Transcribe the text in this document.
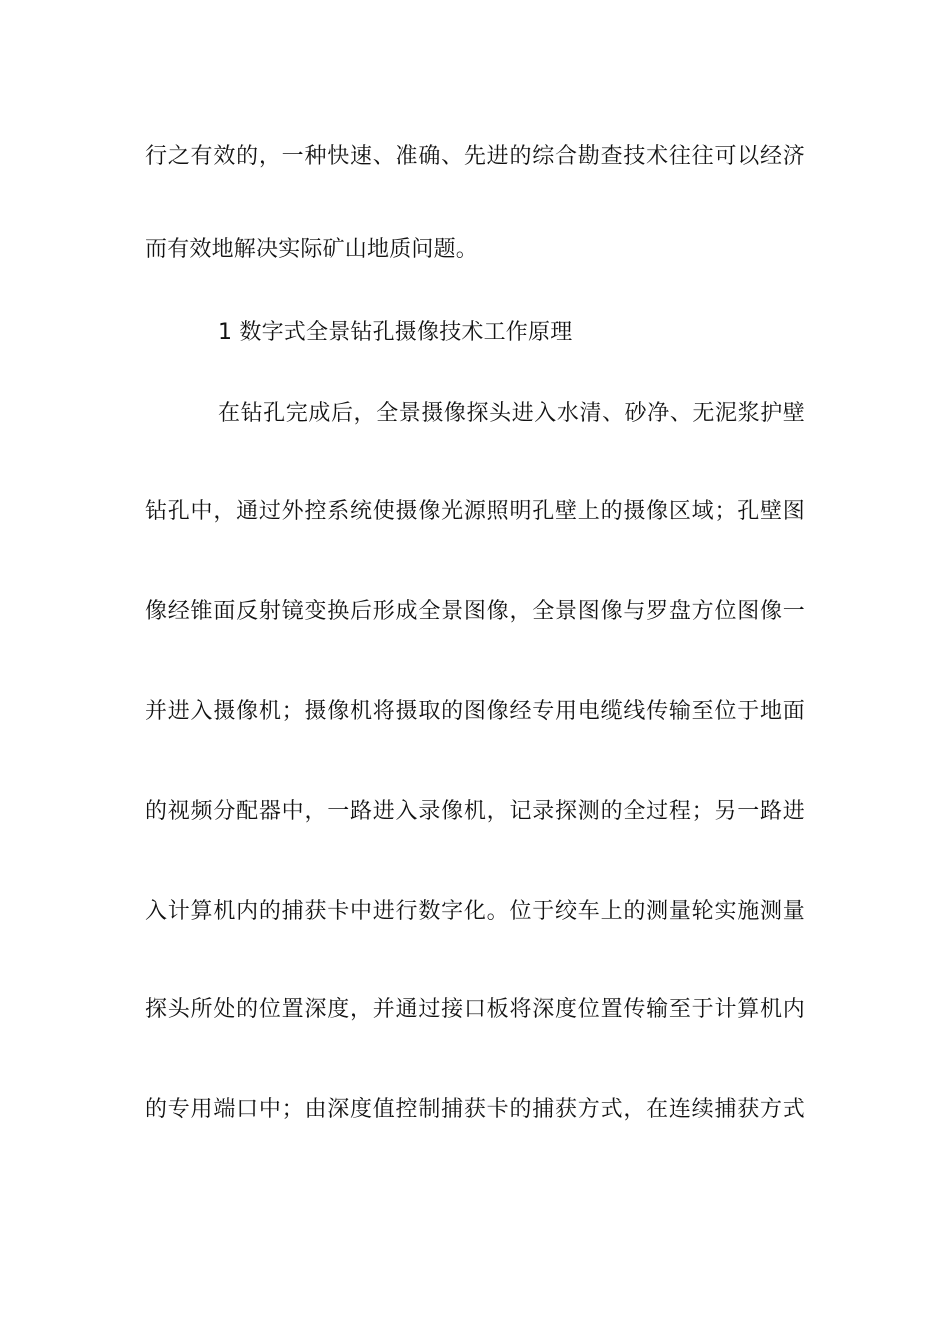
行之有效的，一种快速、准确、先进的综合勘查技术往往可以经济
而有效地解决实际矿山地质问题。
1 数字式全景钻孔摄像技术工作原理
在钻孔完成后，全景摄像探头进入水清、砂净、无泥浆护壁
钻孔中，通过外控系统使摄像光源照明孔壁上的摄像区域；孔壁图
像经锥面反射镜变换后形成全景图像，全景图像与罗盘方位图像一
并进入摄像机；摄像机将摄取的图像经专用电缆线传输至位于地面
的视频分配器中，一路进入录像机，记录探测的全过程；另一路进
入计算机内的捕获卡中进行数字化。位于绞车上的测量轮实施测量
探头所处的位置深度，并通过接口板将深度位置传输至于计算机内
的专用端口中；由深度值控制捕获卡的捕获方式，在连续捕获方式
